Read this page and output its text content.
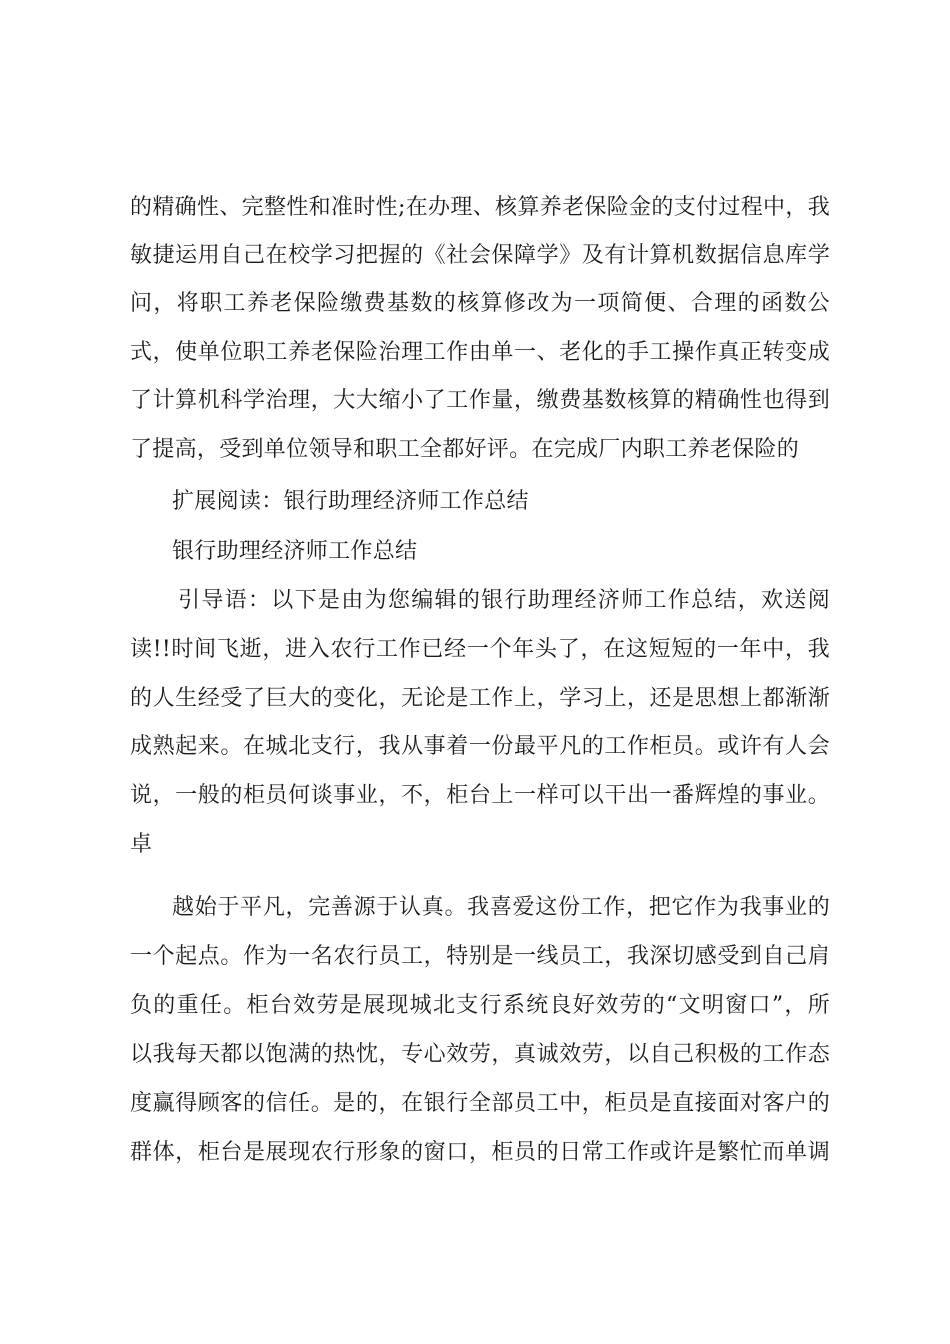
的精确性、完整性和准时性;在办理、核算养老保险金的支付过程中，我
敏捷运用自己在校学习把握的《社会保障学》及有计算机数据信息库学
问，将职工养老保险缴费基数的核算修改为一项简便、合理的函数公
式，使单位职工养老保险治理工作由单一、老化的手工操作真正转变成
了计算机科学治理，大大缩小了工作量，缴费基数核算的精确性也得到
了提高，受到单位领导和职工全都好评。在完成厂内职工养老保险的
扩展阅读：银行助理经济师工作总结
银行助理经济师工作总结
引导语：以下是由为您编辑的银行助理经济师工作总结，欢送阅
读!!时间飞逝，进入农行工作已经一个年头了，在这短短的一年中，我
的人生经受了巨大的变化，无论是工作上，学习上，还是思想上都渐渐
成熟起来。在城北支行，我从事着一份最平凡的工作柜员。或许有人会
说，一般的柜员何谈事业，不，柜台上一样可以干出一番辉煌的事业。
卓
越始于平凡，完善源于认真。我喜爱这份工作，把它作为我事业的
一个起点。作为一名农行员工，特别是一线员工，我深切感受到自己肩
负的重任。柜台效劳是展现城北支行系统良好效劳的“文明窗口”，所
以我每天都以饱满的热忱，专心效劳，真诚效劳，以自己积极的工作态
度赢得顾客的信任。是的，在银行全部员工中，柜员是直接面对客户的
群体，柜台是展现农行形象的窗口，柜员的日常工作或许是繁忙而单调
